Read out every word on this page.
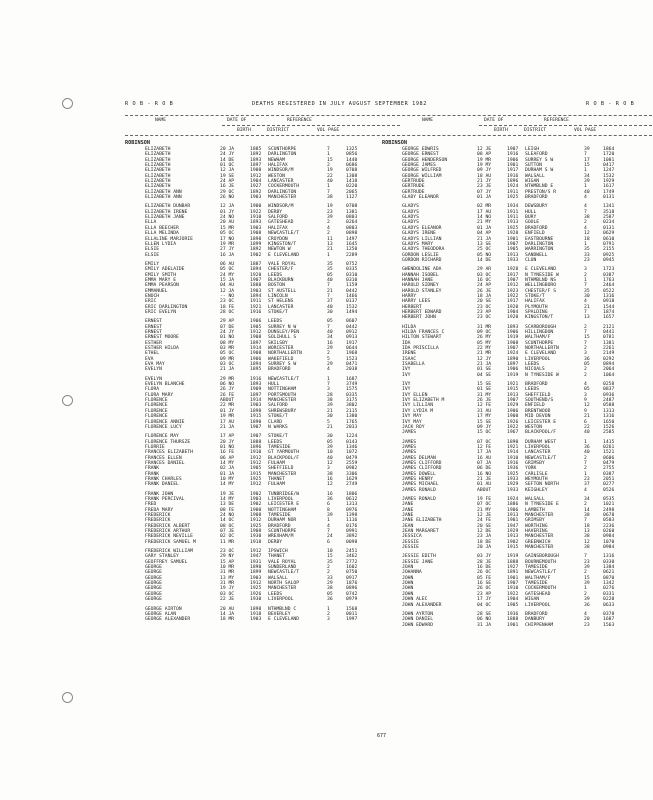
R O B - R O B	DEATHS REGISTERED IN JULY AUGUST SEPTEMBER 1982	R O B - R O B
NAME	DATE OF	REFERENCE
BIRTH	DISTRICT	VOL PAGE
ROBINSON
ELIZABETH	20 JA	1885 SCUNTHORPE	7	1325
ELIZABETH	24 JY	1892 DARLINGTON	1	0856
ELIZABETH	14 DE	1893 NEWHAM	15	1440
ELIZABETH	01 OC	1897 HALIFAX	2	0686
ELIZABETH	12 JA	1908 WINDSOR/M	19	0708
ELIZABETH	19 SE	1912 WESTON	22	1308
ELIZABETH	24 AP	1904 LANCASTER	40	1418
ELIZABETH	16 JE	1927 COCKERMOUTH	1	0220
ELIZABETH ANN	29 OC	1892 DARLINGTON	7	2065
ELIZABETH ANN	26 NO	1903 MANCHESTER	38	1127
ELIZABETH DUNBAR	12 JA	1900 WINDSOR/M	19	0708
ELIZABETH IRENE	01 JY	1922 DERBY	23	1381
ELIZABETH JANE	24 NO	1910 SALFORD	39	0803
ELLA	20 AU	1893 GATESHEAD	2	0264
ELLA BEECHER	15 MR	1903 HALIFAX	4	0803
ELLA MELINDA	05 OC	1908 NEWCASTLE/T	2	0898
ELLALINE MARJORIE	17 NO	1898 CROYDON	11	1497
ELLEN LYDIA	19 MR	1899 KINGSTON/T	13	1645
ELSIE	27 JY	1892 NEWTON W	21	1250
ELSIE	16 JA	1902 E CLEVELAND	1	2289
EMILY	06 AU	1887 VALE ROYAL	35	0752
EMILY ADELAIDE	05 OC	1894 CHESTER/F	35	0335
EMILY SMITH	24 MY	1920 LEEDS	05	0310
EMMA MARY E	15 JA	1907 BLACKBURN	40	0310
EMMA PEARSON	04 AU	1888 BOSTON	7	1159
EMMANUEL	12 JA	1903 ST AUSTELL	21	0442
ENOCH	-- NO	1894 LINCOLN	7	1466
ERIC	23 OC	1911 ST HELENS	37	0137
ERIC DARLINGTON	18 FE	1921 LANCASTER	40	1532
ERIC EVELYN	28 OC	1916 STOKE/T	30	1494
ERNEST	29 AP	1906 LEEDS	05	0607
ERNEST	07 DE	1905 SURREY N W	7	0442
ERNEST	24 JY	1912 DUNSLEY/PEN	40	0912
ERNEST MOORE	01 NO	1908 SOLIHULL S	34	0913
ESTHER	08 MY	1897 SKILSBY	16	1917
ESTHER HILDA	03 MR	1914 WORCESTER	29	0644
ETHEL	05 OC	1908 NORTHALLERTN	2	1968
EVA	09 MR	1906 WAKEFIELD	5	1523
EVA MAY	03 OC	1894 SURREY S W	29	0471
EVELYN	21 JA	1895 BRADFORD	4	2038
EVELYN	29 MR	1916 NEWCASTLE/T	1	1687
EVELYN BLANCHE	06 NO	1893 HULL	7	3749
FLORA	26 JY	1909 NOTTINGHAM	3	1575
FLORA MARY	26 FE	1897 PORTSMOUTH	28	0335
FLORENCE	ABOUT	1914 MANCHESTER	38	3175
FLORENCE	22 MR	1903 SALFORD	39	3802
FLORENCE	01 JY	1898 SHREWSBURY	21	2115
FLORENCE	19 MR	1915 STOKE/T	30	1380
FLORENCE ANNIE	17 AU	1890 CLARD	5	1765
FLORENCE LUCY	21 JA	1907 N WARKS	21	2033
FLORENCE MAY	17 AP	1907 STOKE/T	30	1224
FLORENCE THURSZE	20 JY	1888 LEEDS	05	0143
FLORRIE	01 NO	1896 TAMESIDE	39	1346
FRANCES ELIZABETH	16 FE	1910 GT YARMOUTH	10	1072
FRANCES ELLEN	06 AP	1912 BLACKPOOL/F	40	0479
FRANCES DANIEL	14 MY	1912 FULHAM	12	2559
FRANK	02 JA	1905 SHEFFIELD	3	0982
FRANK	01 JA	1915 MANCHESTER	38	3306
FRANK CHARLES	10 MY	1925 THANET	16	1629
FRANK DANIEL	14 MY	1912 FULHAM	12	2749
FRANK JOHN	19 JE	1902 TUNBRIDGE/W	16	1806
FRANK PERCIVAL	14 MY	1903 LIVERPOOL	36	0612
FRED	13 DE	1902 LEICESTER E	6	1313
FREDA MARY	08 FE	1900 NOTTINGHAM	8	0976
FREDERICK	24 NO	1908 TAMESIDE	39	1398
FREDERICK	14 OC	1912 DURHAM NOR	1	1116
FREDERICK ALBERT	08 OC	1925 BRADFORD	4	0176
FREDERICK ARTHUR	07 JE	1908 SCUNTHORPE	7	0991
FREDERICK NEVILLE	02 OC	1930 WREXHAM/M	24	3892
FREDERICK SAMUEL M	11 MR	1918 DERBY	6	0098
FREDERICK WILLIAM	23 OC	1912 IPSWICH	10	2451
GARY STANLEY	29 NY	1947 THANET	15	3462
GEOFFREY SAMUEL	15 AP	1931 VALE ROYAL	35	2772
GEORGE	10 MR	1890 SUNDERLAND	2	1602
GEORGE	31 MR	1899 NEWCASTLE/T	2	0750
GEORGE	13 MY	1903 WALSALL	33	0917
GEORGE	31 MR	1912 NORTH SALOP	29	1876
GEORGE	19 JY	1925 MANCHESTER	38	0896
GEORGE	03 OC	1926 LEEDS	05	0742
GEORGE	22 JE	1930 LIVERPOOL	36	0979
GEORGE AIRTON	20 AU	1898 NTHMBLND C	1	1568
GEORGE ALAN	14 JA	1918 BEVERLEY	2	0011
GEORGE ALEXANDER	18 MR	1903 E CLEVELAND	3	1997
NAME	DATE OF	REFERENCE
BIRTH	DISTRICT	VOL PAGE
ROBINSON
GEORGE EDWRIS	12 JE	1907 LEIGH	39	1864
GEORGE ERNEST	08 AP	1916 SLEAFORD	7	1720
GEORGE HENDERSON	19 MR	1906 SURREY S W	17	1081
GEORGE JAMES	19 MY	1901 SUTTON	15	0417
GEORGE WILFRED	09 JY	1917 DURHAM S W	1	1247
GEORGE WILLIAM	18 AU	1916 WALSALL	34	1532
GERTRUDE	21 JY	1896 WIGAN	39	1929
GERTRUDE	23 JE	1924 NTHMBLND E	1	1617
GERTRUDE	07 JY	1911 PRESTON/S R	40	1749
GLADY ELEANOR	01 JA	1925 BRADFORD	4	0131
GLADYS	02 MR	1934 DEWSBURY	4	1341
GLADYS	17 AU	1911 HULL	7	3518
GLADYS	14 NO	1911 BURY	38	2587
GLADYS	21 MY	1913 GOOLE	2	0234
GLADYS ELEANOR	01 JA	1925 BRADFORD	4	0131
GLADYS IRENE	04 AP	1928 ENFIELD	12	0629
GLADYS LILLIAN	21 JA	1901 EASTBOURNE	18	0610
GLADYS MARY	13 SE	1907 DARLINGTON	1	0791
GLADYS THEODORA	25 OC	1905 WARRINGTON	35	2155
GORDON LESLIE	05 NO	1913 SANDWELL	33	0925
GORDON RICHARD	14 DE	1933 CLUN	23	0945
GWENDOLINE ADA	29 AR	1928 E CLEVELAND	3	1723
HANNAH ISOBEL	03 OC	1917 N TYNESIDE W	2	0387
HANNAH JANE	16 OC	1907 NTHMBLND NS	1	1763
HAROLD SIDNEY	24 AP	1912 WELLINGBORO	7	2464
HAROLD STANLEY	26 JE	1923 CHESTER/F S	35	0522
HARRY	18 JA	1922 STOKE/T	30	1316
HARRY LEES	20 SE	1917 HALIFAX	4	0918
HERBERT	23 OC	1920 PLYMOUTH	21	1544
HERBERT EDWARD	23 AP	1904 SPALDING	7	1874
HERBERT JOHN	23 OC	1920 KINGSTON/T	13	1657
HILDA	31 MR	1893 SCARBOROUGH	2	2121
HILDA FRANCES C	09 OC	1906 HILLINGDON	7	0441
HILTON STEWART	26 MY	1919 WALTHAM/F	15	0781
IDA	05 MY	1908 SCUNTHORPE	7	1381
IDA PRISCILLA	22 MY	1907 NORTHALLERTN	2	2261
IRENE	21 MR	1924 E CLEVELAND	3	2149
ISAAC	12 JY	1890 LIVERPOOL	36	0292
ISABELLA	21 JA	1897 LEEDS	05	0894
IVY	01 SE	1906 NICOALS	2	2064
IVY	04 SE	1919 N TYNESIDE W	2	1064
IVY	15 SE	1921 BRADFORD	4	0258
IVY	01 SE	1915 LEEDS	05	0837
IVY ELLEN	31 MY	1913 SHEFFIELD	3	0936
IVY ELIZABETH M	26 JE	1907 SOUTHEND/S	9	2487
IVY LILLIAN	12 FE	1929 ENFIELD	12	0588
IVY LYDIA M	31 AU	1906 BRENTWOOD	9	1313
IVY MAY	17 MY	1900 MID DEVON	21	1316
IVY MAY	15 SE	1926 LEICESTER E	6	1650
JACK ROY	09 JY	1922 WESTON	22	1526
JAMES	15 OC	1967 BLACKPOOL/F	40	2585
JAMES	07 OC	1890 DURHAM WEST	1	1415
JAMES	12 FE	1921 LIVERPOOL	36	0261
JAMES	17 JA	1914 LANCASTER	40	1521
JAMES DELMAN	16 AU	1910 NEWCASTLE/T	2	0606
JAMES CLIFFORD	07 JA	1916 GRIMSBY	7	0479
JAMES CLIFFORD	06 DE	1936 YORK	2	2755
JAMES DOWELL	16 NO	1925 CARLISLE	1	0387
JAMES HENRY	21 JE	1933 WEYMOUTH	23	2051
JAMES MICHAEL	01 AU	1929 SEFTON NORTH	37	0277
JAMES RONALD	ABOUT	1933 KEIGHLEY	4	0526
JAMES RONALD	19 FE	1924 WALSALL	34	0535
JANE	07 OC	1886 N TYNESIDE E	2	1021
JANE	21 MY	1906 LAMBETH	14	2498
JANE	12 JE	1913 MANCHESTER	38	0678
JANE ELIZABETH	24 FE	1901 GRIMSBY	7	0503
JEAN	20 SE	1947 WORTHING	18	2236
JEAN MARGARET	12 DE	1929 HAVERING	13	0260
JESSICA	23 JA	1913 MANCHESTER	38	0984
JESSIE	18 DE	1902 GREENWICH	12	1070
JESSIE	20 JA	1915 MANCHESTER	38	0984
JESSIE EDITH	03 JY	1919 GAINSBOROUGH	7	1316
JESSIE JANE	28 JE	1888 BOURNEMOUTH	23	0330
JOAN	16 DE	1927 TAMESIDE	39	1384
JOHANNA	26 OC	1891 NEWCASTLE/T	2	0621
JOHN	05 FE	1901 WALTHAM/F	15	0870
JOHN	16 SE	1907 TAMESIDE	39	1342
JOHN	26 OC	1910 COCKERMOUTH	1	0276
JOHN	23 AP	1922 GATESHEAD	2	0331
JOHN ALEC	17 JY	1904 WIGAN	39	0220
JOHN ALEXANDER	04 OC	1905 LIVERPOOL	36	0633
JOHN AYRTON	28 SE	1936 BRADFORD	4	0378
JOHN DANIEL	06 NO	1888 DANBURY	20	1687
JOHN EDWARD	31 JA	1901 CHIPPENHAM	23	1563
677
